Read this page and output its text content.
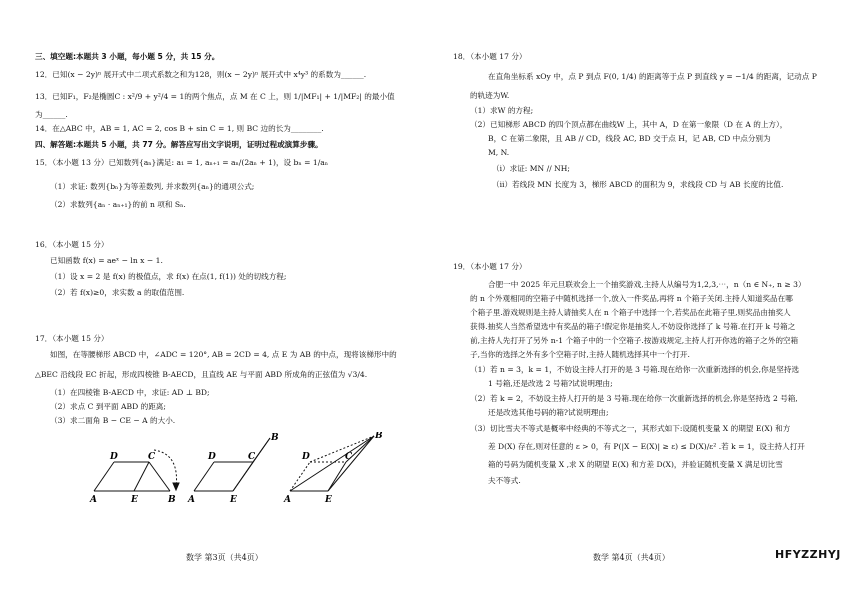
三、填空题:本题共 3 小题，每小题 5 分，共 15 分。
12．已知(x − 2y)ⁿ 展开式中二项式系数之和为128，则(x − 2y)ⁿ 展开式中 x⁴y³ 的系数为______.
13．已知F₁，F₂是椭圆C : x²/9 + y²/4 = 1的两个焦点，点 M 在 C 上，则 1/|MF₁| + 1/|MF₂| 的最小值
为______.
14．在△ABC 中，AB = 1, AC = 2, cos B + sin C = 1, 则 BC 边的长为________.
四、解答题:本题共 5 小题，共 77 分。解答应写出文字说明，证明过程或演算步骤。
15．（本小题 13 分）已知数列{aₙ}满足: a₁ = 1, aₙ₊₁ = aₙ/(2aₙ + 1)，设 bₙ = 1/aₙ
（1）求证: 数列{bₙ}为等差数列, 并求数列{aₙ}的通项公式;
（2）求数列{aₙ · aₙ₊₁}的前 n 项和 Sₙ.
16．（本小题 15 分）
已知函数 f(x) = aeˣ − ln x − 1.
（1）设 x = 2 是 f(x) 的极值点，求 f(x) 在点(1, f(1)) 处的切线方程;
（2）若 f(x)≥0，求实数 a 的取值范围.
17．（本小题 15 分）
如图，在等腰梯形 ABCD 中，∠ADC = 120°, AB = 2CD = 4, 点 E 为 AB 的中点，现将该梯形中的
△BEC 沿线段 EC 折起，形成四棱锥 B-AECD，且直线 AE 与平面 ABD 所成角的正弦值为 √3/4.
（1）在四棱锥 B-AECD 中，求证: AD ⊥ BD;
（2）求点 C 到平面 ABD 的距离;
（3）求二面角 B − CE − A 的大小.
数学 第3页（共4页）
D	C
A	E	B
B
D	C
A	E
B
D	C
A	E
18．（本小题 17 分）
在直角坐标系 xOy 中，点 P 到点 F(0, 1/4) 的距离等于点 P 到直线 y = −1/4 的距离，记动点 P
的轨迹为W.
（1）求W 的方程;
（2）已知梯形 ABCD 的四个顶点都在曲线W 上，其中 A，D 在第一象限（D 在 A 的上方），
B，C 在第二象限，且 AB // CD，线段 AC, BD 交于点 H，记 AB, CD 中点分别为
M, N.
（i）求证: MN // NH;
（ii）若线段 MN 长度为 3，梯形 ABCD 的面积为 9，求线段 CD 与 AB 长度的比值.
19．（本小题 17 分）
合肥一中 2025 年元旦联欢会上一个抽奖游戏,主持人从编号为1,2,3,⋯，n（n ∈ N₊, n ≥ 3）
的 n 个外观相同的空箱子中随机选择一个,放入一件奖品,再将 n 个箱子关闭.主持人知道奖品在哪
个箱子里.游戏规则是主持人请抽奖人在 n 个箱子中选择一个,若奖品在此箱子里,则奖品由抽奖人
获得.抽奖人当然希望选中有奖品的箱子!假定你是抽奖人,不妨设你选择了 k 号箱.在打开 k 号箱之
前,主持人先打开了另外 n-1 个箱子中的一个空箱子.按游戏规定,主持人打开你选的箱子之外的空箱
子,当你的选择之外有多个空箱子时,主持人随机选择其中一个打开.
（1）若 n = 3，k = 1，不妨设主持人打开的是 3 号箱.现在给你一次重新选择的机会,你是坚持选
1 号箱,还是改选 2 号箱?试说明理由;
（2）若 k = 2，不妨设主持人打开的是 3 号箱.现在给你一次重新选择的机会,你是坚持选 2 号箱,
还是改选其他号码的箱?试说明理由;
（3）切比雪夫不等式是概率中经典的不等式之一，其形式如下:设随机变量 X 的期望 E(X) 和方
差 D(X) 存在,则对任意的 ε > 0，有 P(|X − E(X)| ≥ ε) ≤ D(X)/ε² .若 k = 1，设主持人打开
箱的号码为随机变量 X ,求 X 的期望 E(X) 和方差 D(X)，并验证随机变量 X 满足切比雪
夫不等式.
数学 第4页（共4页）	HFYZZHYJ
